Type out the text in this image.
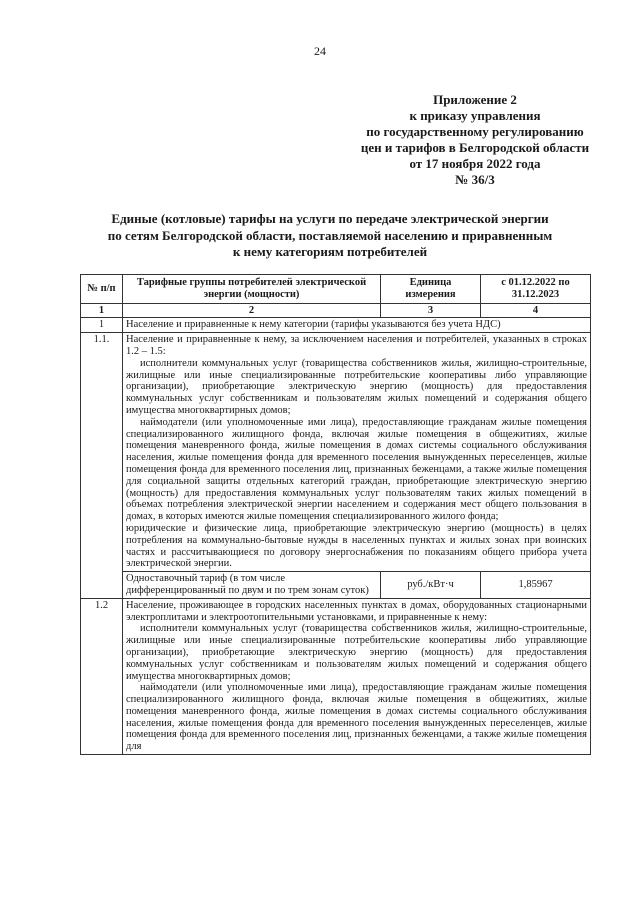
24
Приложение 2
к приказу управления
по государственному регулированию
цен и тарифов в Белгородской области
от 17 ноября 2022 года
№ 36/3
Единые (котловые) тарифы на услуги по передаче электрической энергии
по сетям Белгородской области, поставляемой населению и приравненным
к нему категориям потребителей
№ п/п	Тарифные группы потребителей электрической энергии (мощности)	Единица измерения	с 01.12.2022 по 31.12.2023
1	2	3	4
1	Население и приравненные к нему категории (тарифы указываются без учета НДС)		
1.1.	Население и приравненные к нему, за исключением населения и потребителей, указанных в строках 1.2 – 1.5:

исполнители коммунальных услуг (товарищества собственников жилья, жилищно-строительные, жилищные или иные специализированные потребительские кооперативы либо управляющие организации), приобретающие электрическую энергию (мощность) для предоставления коммунальных услуг собственникам и пользователям жилых помещений и содержания общего имущества многоквартирных домов;

наймодатели (или уполномоченные ими лица), предоставляющие гражданам жилые помещения специализированного жилищного фонда, включая жилые помещения в общежитиях, жилые помещения маневренного фонда, жилые помещения в домах системы социального обслуживания населения, жилые помещения фонда для временного поселения вынужденных переселенцев, жилые помещения фонда для временного поселения лиц, признанных беженцами, а также жилые помещения для социальной защиты отдельных категорий граждан, приобретающие электрическую энергию (мощность) для предоставления коммунальных услуг пользователям таких жилых помещений в объемах потребления электрической энергии населением и содержания мест общего пользования в домах, в которых имеются жилые помещения специализированного жилого фонда;

юридические и физические лица, приобретающие электрическую энергию (мощность) в целях потребления на коммунально-бытовые нужды в населенных пунктах и жилых зонах при воинских частях и рассчитывающиеся по договору энергоснабжения по показаниям общего прибора учета электрической энергии.		

	Одноставочный тариф (в том числе дифференцированный по двум и по трем зонам суток)	руб./кВт·ч	1,85967
1.2	Население, проживающее в городских населенных пунктах в домах, оборудованных стационарными электроплитами и электроотопительными установками, и приравненные к нему:

исполнители коммунальных услуг (товарищества собственников жилья, жилищно-строительные, жилищные или иные специализированные потребительские кооперативы либо управляющие организации), приобретающие электрическую энергию (мощность) для предоставления коммунальных услуг собственникам и пользователям жилых помещений и содержания общего имущества многоквартирных домов;

наймодатели (или уполномоченные ими лица), предоставляющие гражданам жилые помещения специализированного жилищного фонда, включая жилые помещения в общежитиях, жилые помещения маневренного фонда, жилые помещения в домах системы социального обслуживания населения, жилые помещения фонда для временного поселения вынужденных переселенцев, жилые помещения фонда для временного поселения лиц, признанных беженцами, а также жилые помещения для		
